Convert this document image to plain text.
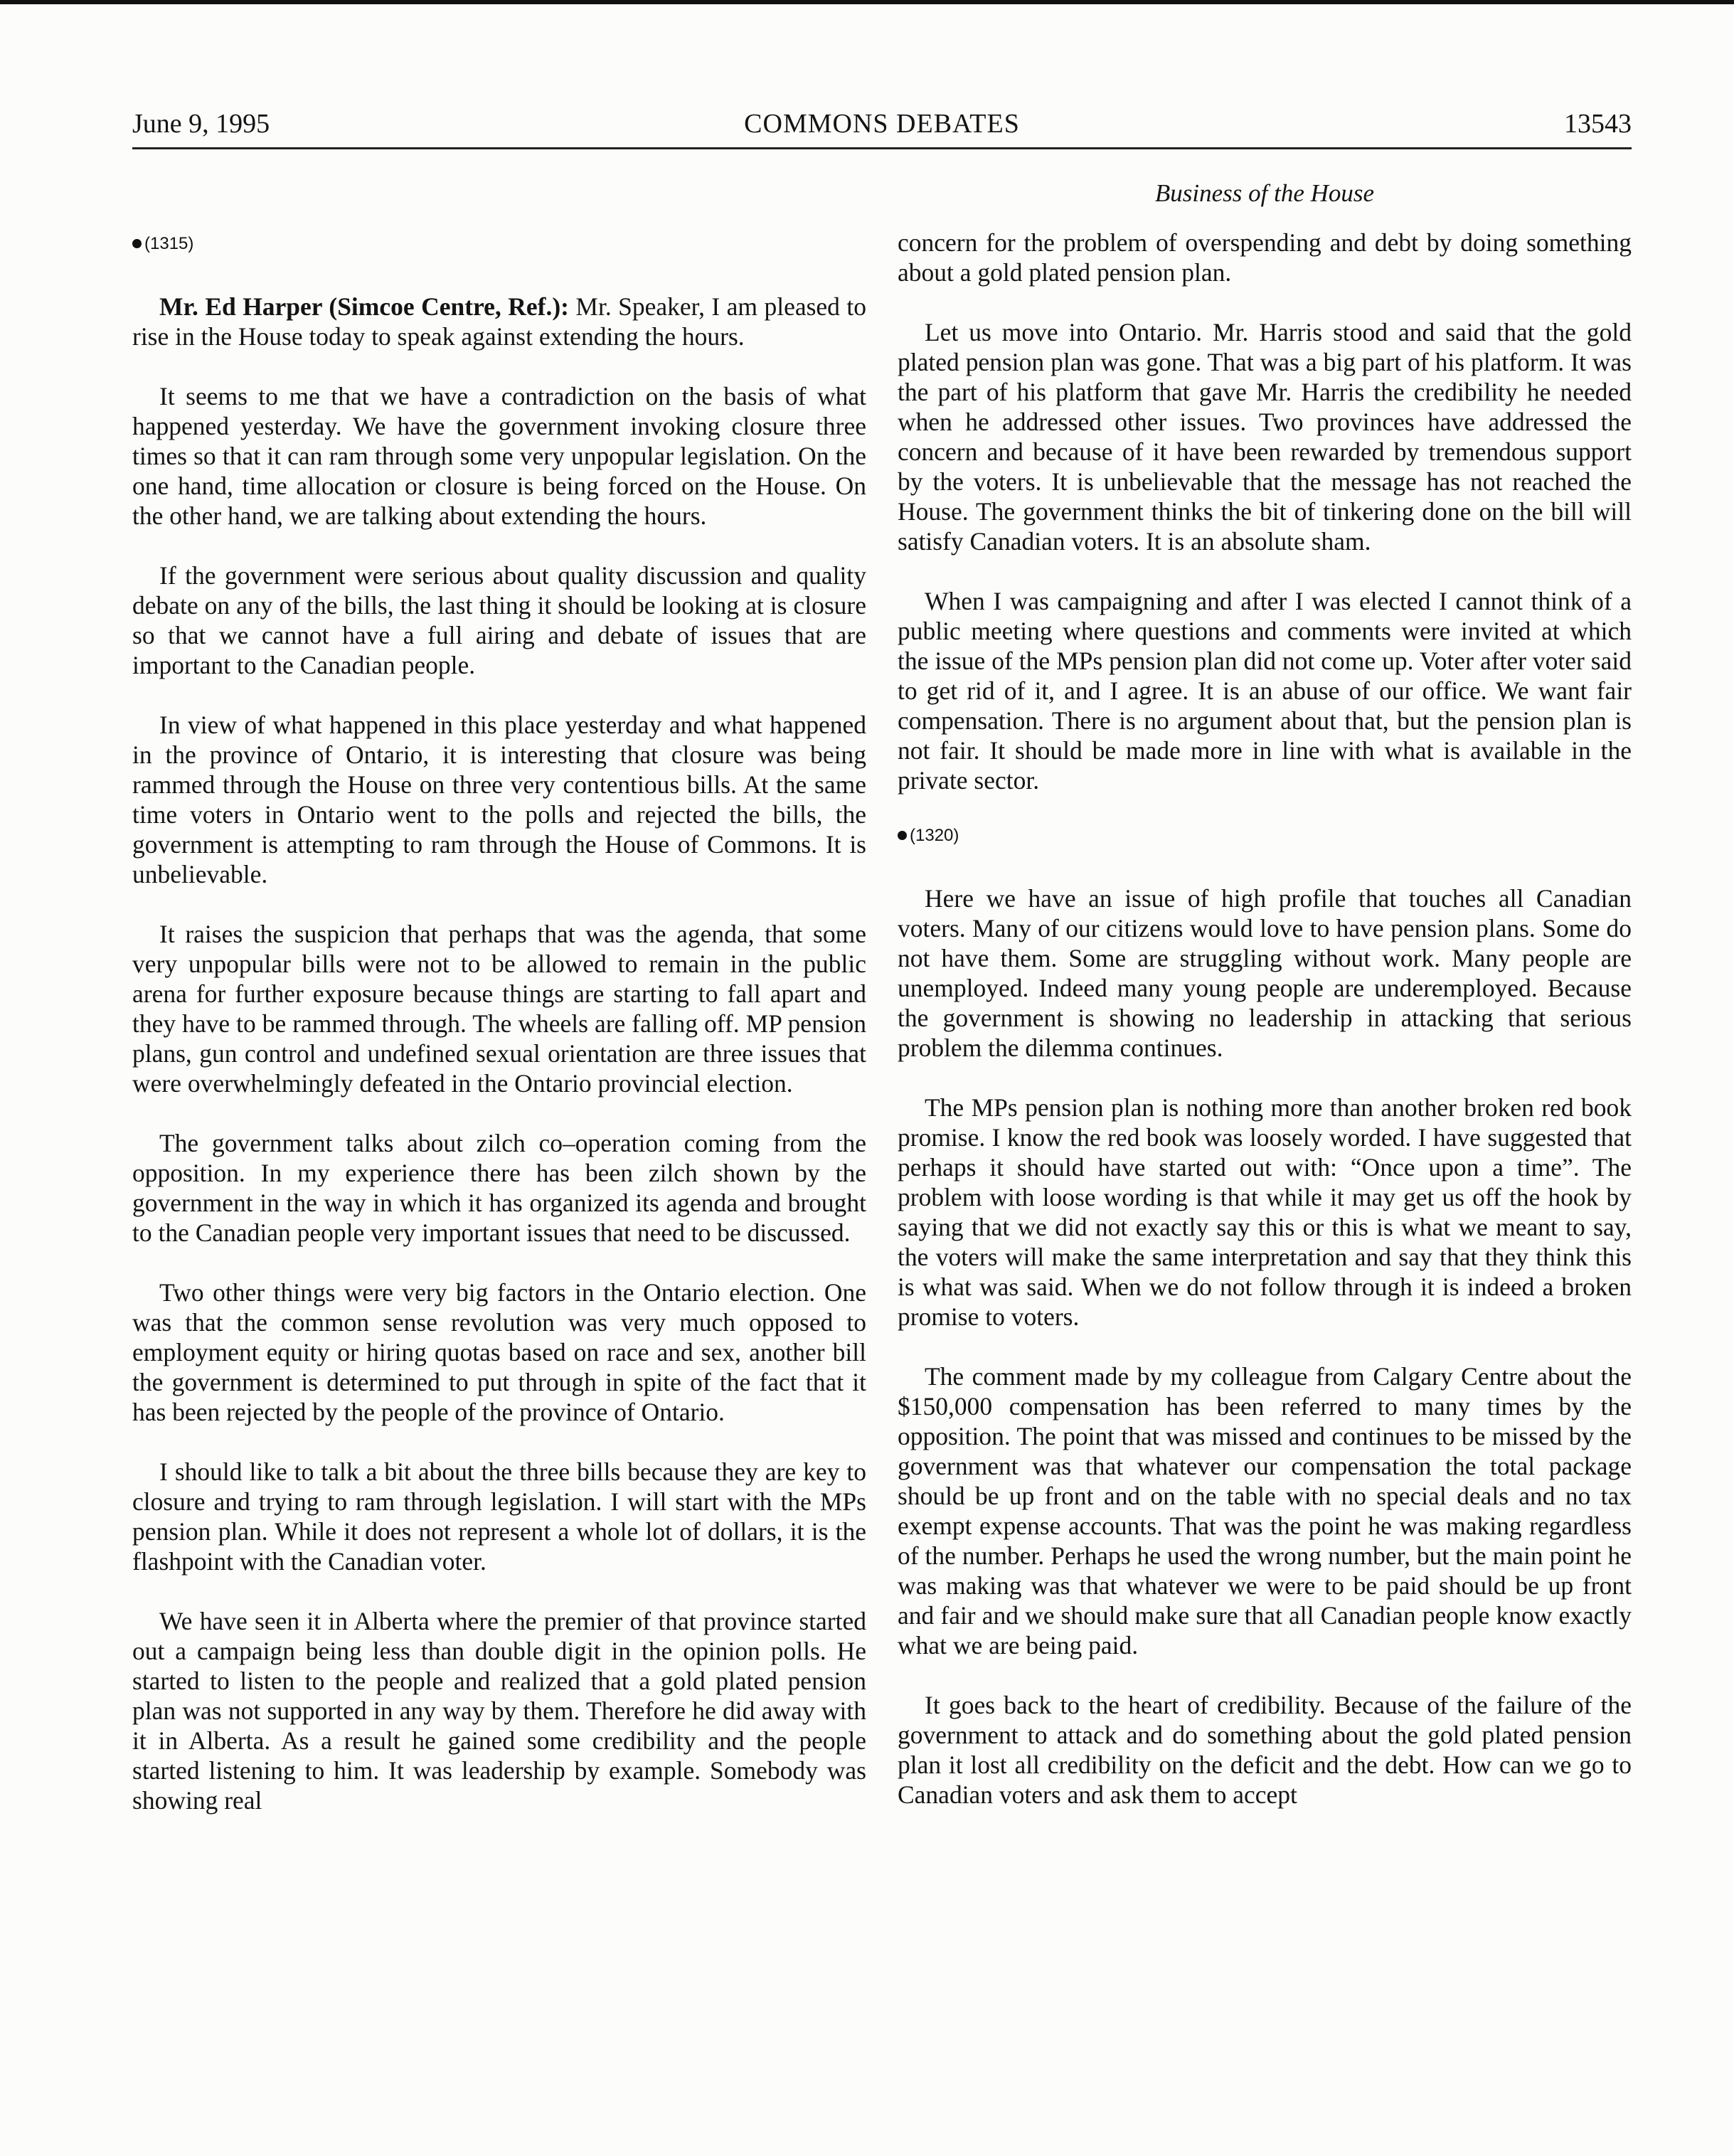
June 9, 1995	COMMONS DEBATES	13543
Business of the House
(1315)

Mr. Ed Harper (Simcoe Centre, Ref.): Mr. Speaker, I am pleased to rise in the House today to speak against extending the hours.

It seems to me that we have a contradiction on the basis of what happened yesterday. We have the government invoking closure three times so that it can ram through some very unpopular legislation. On the one hand, time allocation or closure is being forced on the House. On the other hand, we are talking about extending the hours.

If the government were serious about quality discussion and quality debate on any of the bills, the last thing it should be looking at is closure so that we cannot have a full airing and debate of issues that are important to the Canadian people.

In view of what happened in this place yesterday and what happened in the province of Ontario, it is interesting that closure was being rammed through the House on three very contentious bills. At the same time voters in Ontario went to the polls and rejected the bills, the government is attempting to ram through the House of Commons. It is unbelievable.

It raises the suspicion that perhaps that was the agenda, that some very unpopular bills were not to be allowed to remain in the public arena for further exposure because things are starting to fall apart and they have to be rammed through. The wheels are falling off. MP pension plans, gun control and undefined sexual orientation are three issues that were overwhelmingly defeated in the Ontario provincial election.

The government talks about zilch co–operation coming from the opposition. In my experience there has been zilch shown by the government in the way in which it has organized its agenda and brought to the Canadian people very important issues that need to be discussed.

Two other things were very big factors in the Ontario election. One was that the common sense revolution was very much opposed to employment equity or hiring quotas based on race and sex, another bill the government is determined to put through in spite of the fact that it has been rejected by the people of the province of Ontario.

I should like to talk a bit about the three bills because they are key to closure and trying to ram through legislation. I will start with the MPs pension plan. While it does not represent a whole lot of dollars, it is the flashpoint with the Canadian voter.

We have seen it in Alberta where the premier of that province started out a campaign being less than double digit in the opinion polls. He started to listen to the people and realized that a gold plated pension plan was not supported in any way by them. Therefore he did away with it in Alberta. As a result he gained some credibility and the people started listening to him. It was leadership by example. Somebody was showing real

concern for the problem of overspending and debt by doing something about a gold plated pension plan.

Let us move into Ontario. Mr. Harris stood and said that the gold plated pension plan was gone. That was a big part of his platform. It was the part of his platform that gave Mr. Harris the credibility he needed when he addressed other issues. Two provinces have addressed the concern and because of it have been rewarded by tremendous support by the voters. It is unbelievable that the message has not reached the House. The government thinks the bit of tinkering done on the bill will satisfy Canadian voters. It is an absolute sham.

When I was campaigning and after I was elected I cannot think of a public meeting where questions and comments were invited at which the issue of the MPs pension plan did not come up. Voter after voter said to get rid of it, and I agree. It is an abuse of our office. We want fair compensation. There is no argument about that, but the pension plan is not fair. It should be made more in line with what is available in the private sector.

(1320)

Here we have an issue of high profile that touches all Canadian voters. Many of our citizens would love to have pension plans. Some do not have them. Some are struggling without work. Many people are unemployed. Indeed many young people are underemployed. Because the government is showing no leadership in attacking that serious problem the dilemma continues.

The MPs pension plan is nothing more than another broken red book promise. I know the red book was loosely worded. I have suggested that perhaps it should have started out with: “Once upon a time”. The problem with loose wording is that while it may get us off the hook by saying that we did not exactly say this or this is what we meant to say, the voters will make the same interpretation and say that they think this is what was said. When we do not follow through it is indeed a broken promise to voters.

The comment made by my colleague from Calgary Centre about the $150,000 compensation has been referred to many times by the opposition. The point that was missed and continues to be missed by the government was that whatever our compensation the total package should be up front and on the table with no special deals and no tax exempt expense accounts. That was the point he was making regardless of the number. Perhaps he used the wrong number, but the main point he was making was that whatever we were to be paid should be up front and fair and we should make sure that all Canadian people know exactly what we are being paid.

It goes back to the heart of credibility. Because of the failure of the government to attack and do something about the gold plated pension plan it lost all credibility on the deficit and the debt. How can we go to Canadian voters and ask them to accept
